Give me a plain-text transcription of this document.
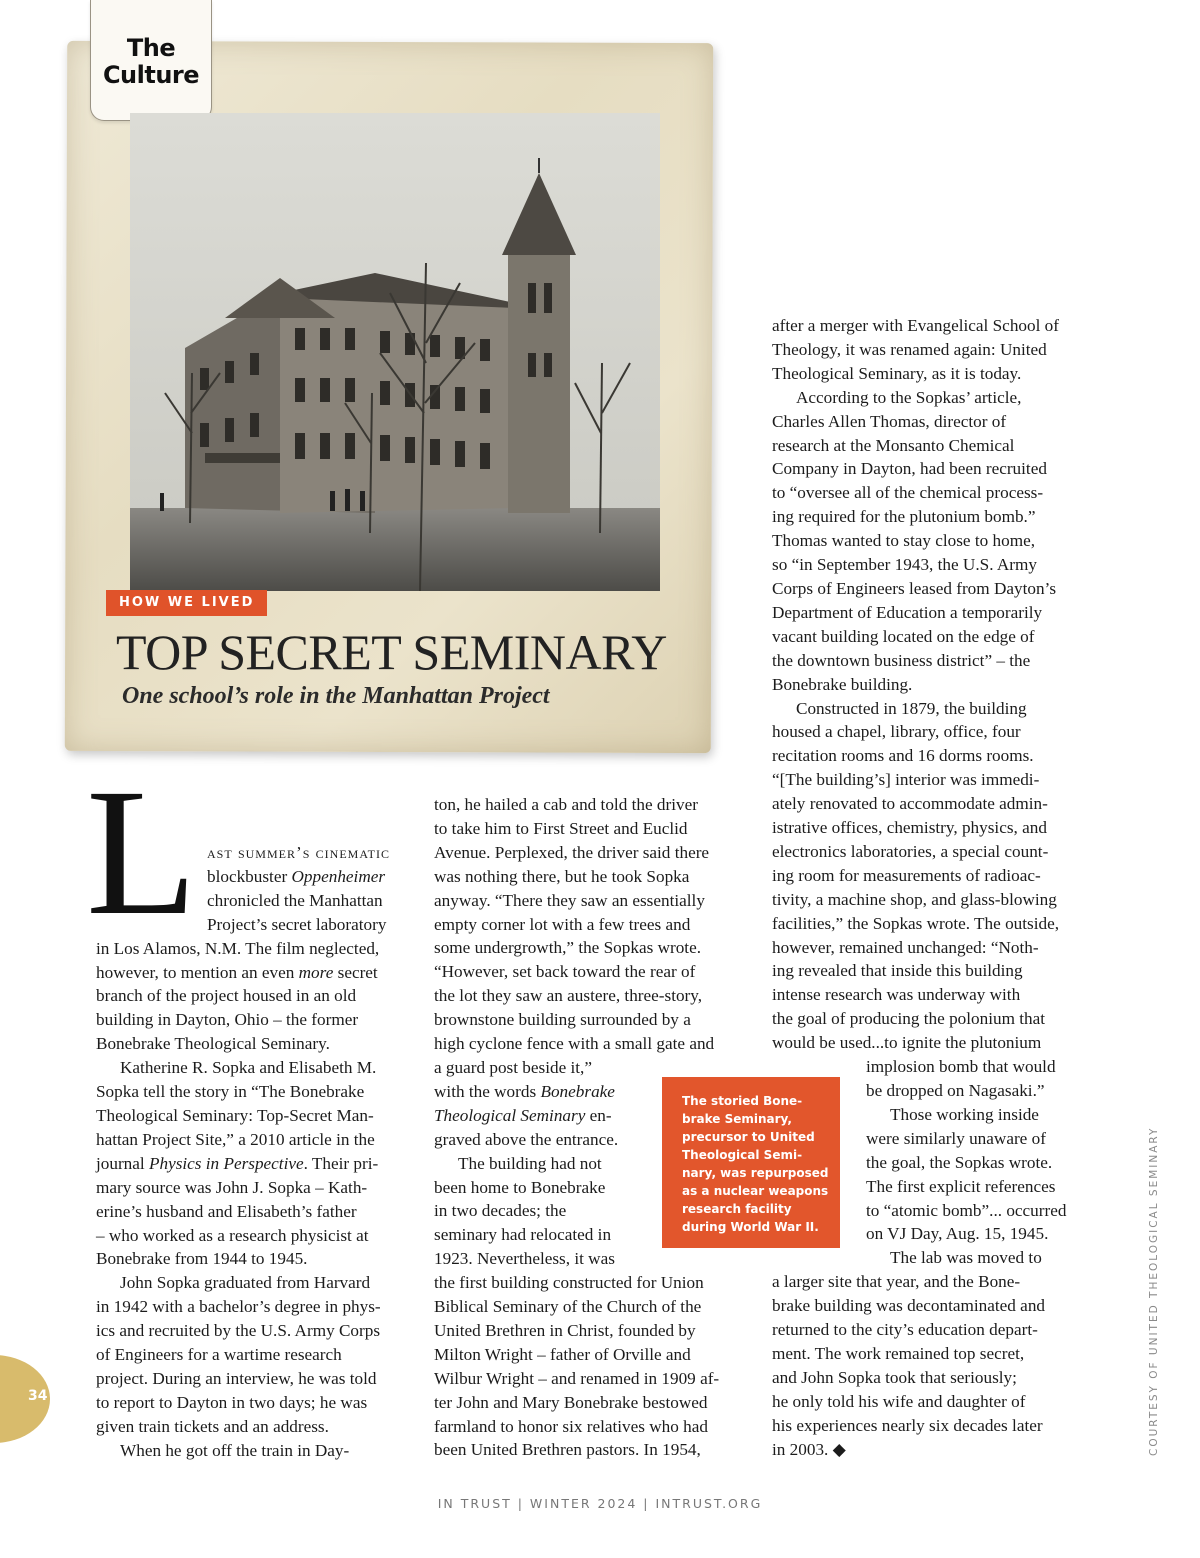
The
Culture
HOW WE LIVED
TOP SECRET SEMINARY
One school’s role in the Manhattan Project
L ast summer’s cinematic
blockbuster Oppenheimer
chronicled the Manhattan
Project’s secret laboratory
in Los Alamos, N.M. The film neglected,
however, to mention an even more secret
branch of the project housed in an old
building in Dayton, Ohio – the former
Bonebrake Theological Seminary.
Katherine R. Sopka and Elisabeth M.
Sopka tell the story in “The Bonebrake
Theological Seminary: Top-Secret Man-
hattan Project Site,” a 2010 article in the
journal Physics in Perspective. Their pri-
mary source was John J. Sopka – Kath-
erine’s husband and Elisabeth’s father
– who worked as a research physicist at
Bonebrake from 1944 to 1945.
John Sopka graduated from Harvard
in 1942 with a bachelor’s degree in phys-
ics and recruited by the U.S. Army Corps
of Engineers for a wartime research
project. During an interview, he was told
to report to Dayton in two days; he was
given train tickets and an address.
When he got off the train in Day-
ton, he hailed a cab and told the driver
to take him to First Street and Euclid
Avenue. Perplexed, the driver said there
was nothing there, but he took Sopka
anyway. “There they saw an essentially
empty corner lot with a few trees and
some undergrowth,” the Sopkas wrote.
“However, set back toward the rear of
the lot they saw an austere, three-story,
brownstone building surrounded by a
high cyclone fence with a small gate and
a guard post beside it,”
with the words Bonebrake
Theological Seminary en-
graved above the entrance.
The building had not
been home to Bonebrake
in two decades; the
seminary had relocated in
1923. Nevertheless, it was
the first building constructed for Union
Biblical Seminary of the Church of the
United Brethren in Christ, founded by
Milton Wright – father of Orville and
Wilbur Wright – and renamed in 1909 af-
ter John and Mary Bonebrake bestowed
farmland to honor six relatives who had
been United Brethren pastors. In 1954,
after a merger with Evangelical School of
Theology, it was renamed again: United
Theological Seminary, as it is today.
According to the Sopkas’ article,
Charles Allen Thomas, director of
research at the Monsanto Chemical
Company in Dayton, had been recruited
to “oversee all of the chemical process-
ing required for the plutonium bomb.”
Thomas wanted to stay close to home,
so “in September 1943, the U.S. Army
Corps of Engineers leased from Dayton’s
Department of Education a temporarily
vacant building located on the edge of
the downtown business district” – the
Bonebrake building.
Constructed in 1879, the building
housed a chapel, library, office, four
recitation rooms and 16 dorms rooms.
“[The building’s] interior was immedi-
ately renovated to accommodate admin-
istrative offices, chemistry, physics, and
electronics laboratories, a special count-
ing room for measurements of radioac-
tivity, a machine shop, and glass-blowing
facilities,” the Sopkas wrote. The outside,
however, remained unchanged: “Noth-
ing revealed that inside this building
intense research was underway with
the goal of producing the polonium that
would be used...to ignite the plutonium
implosion bomb that would
be dropped on Nagasaki.”
Those working inside
were similarly unaware of
the goal, the Sopkas wrote.
The first explicit references
to “atomic bomb”... occurred
on VJ Day, Aug. 15, 1945.
The lab was moved to
a larger site that year, and the Bone-
brake building was decontaminated and
returned to the city’s education depart-
ment. The work remained top secret,
and John Sopka took that seriously;
he only told his wife and daughter of
his experiences nearly six decades later
in 2003. ◆
The storied Bone-
brake Seminary,
precursor to United
Theological Semi-
nary, was repurposed
as a nuclear weapons
research facility
during World War II.
34	COURTESY OF UNITED THEOLOGICAL SEMINARY
IN TRUST | WINTER 2024 | INTRUST.ORG
